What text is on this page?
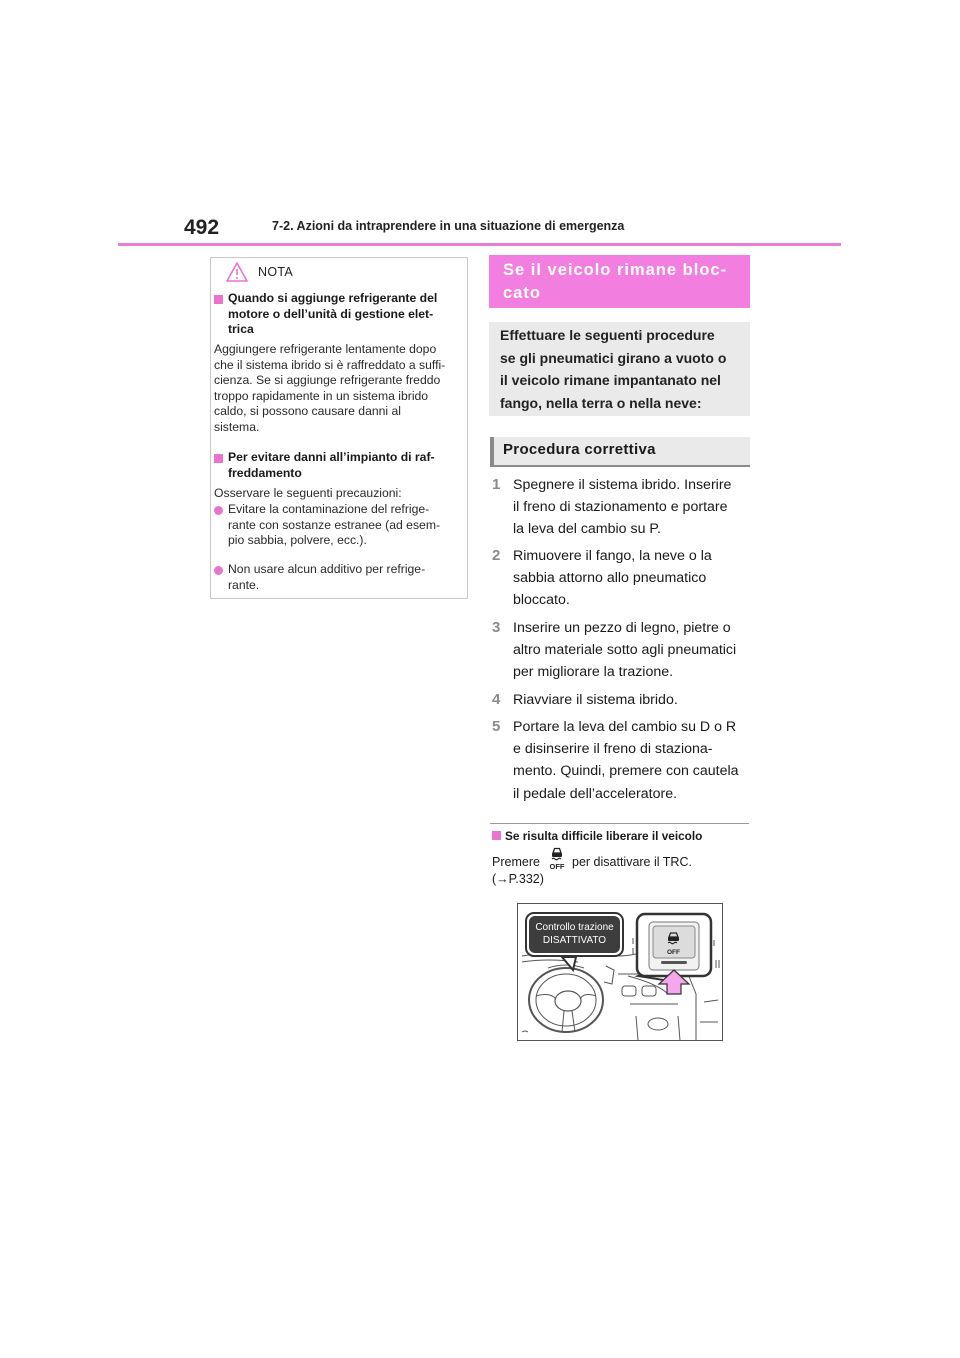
492	7-2. Azioni da intraprendere in una situazione di emergenza
NOTA
Quando si aggiunge refrigerante del
motore o dell’unità di gestione elet-
trica
Aggiungere refrigerante lentamente dopo
che il sistema ibrido si è raffreddato a suffi-
cienza. Se si aggiunge refrigerante freddo
troppo rapidamente in un sistema ibrido
caldo, si possono causare danni al
sistema.
Per evitare danni all’impianto di raf-
freddamento
Osservare le seguenti precauzioni:
Evitare la contaminazione del refrige-
rante con sostanze estranee (ad esem-
pio sabbia, polvere, ecc.).
Non usare alcun additivo per refrige-
rante.
Se il veicolo rimane bloc-
cato
Effettuare le seguenti procedure
se gli pneumatici girano a vuoto o
il veicolo rimane impantanato nel
fango, nella terra o nella neve:
Procedura correttiva
1 Spegnere il sistema ibrido. Inserire
il freno di stazionamento e portare
la leva del cambio su P.
2 Rimuovere il fango, la neve o la
sabbia attorno allo pneumatico
bloccato.
3 Inserire un pezzo di legno, pietre o
altro materiale sotto agli pneumatici
per migliorare la trazione.
4 Riavviare il sistema ibrido.
5 Portare la leva del cambio su D o R
e disinserire il freno di staziona-
mento. Quindi, premere con cautela
il pedale dell’acceleratore.
Se risulta difficile liberare il veicolo
Premere OFF per disattivare il TRC.
(→P.332)
OFF
Controllo trazione
DISATTIVATO
